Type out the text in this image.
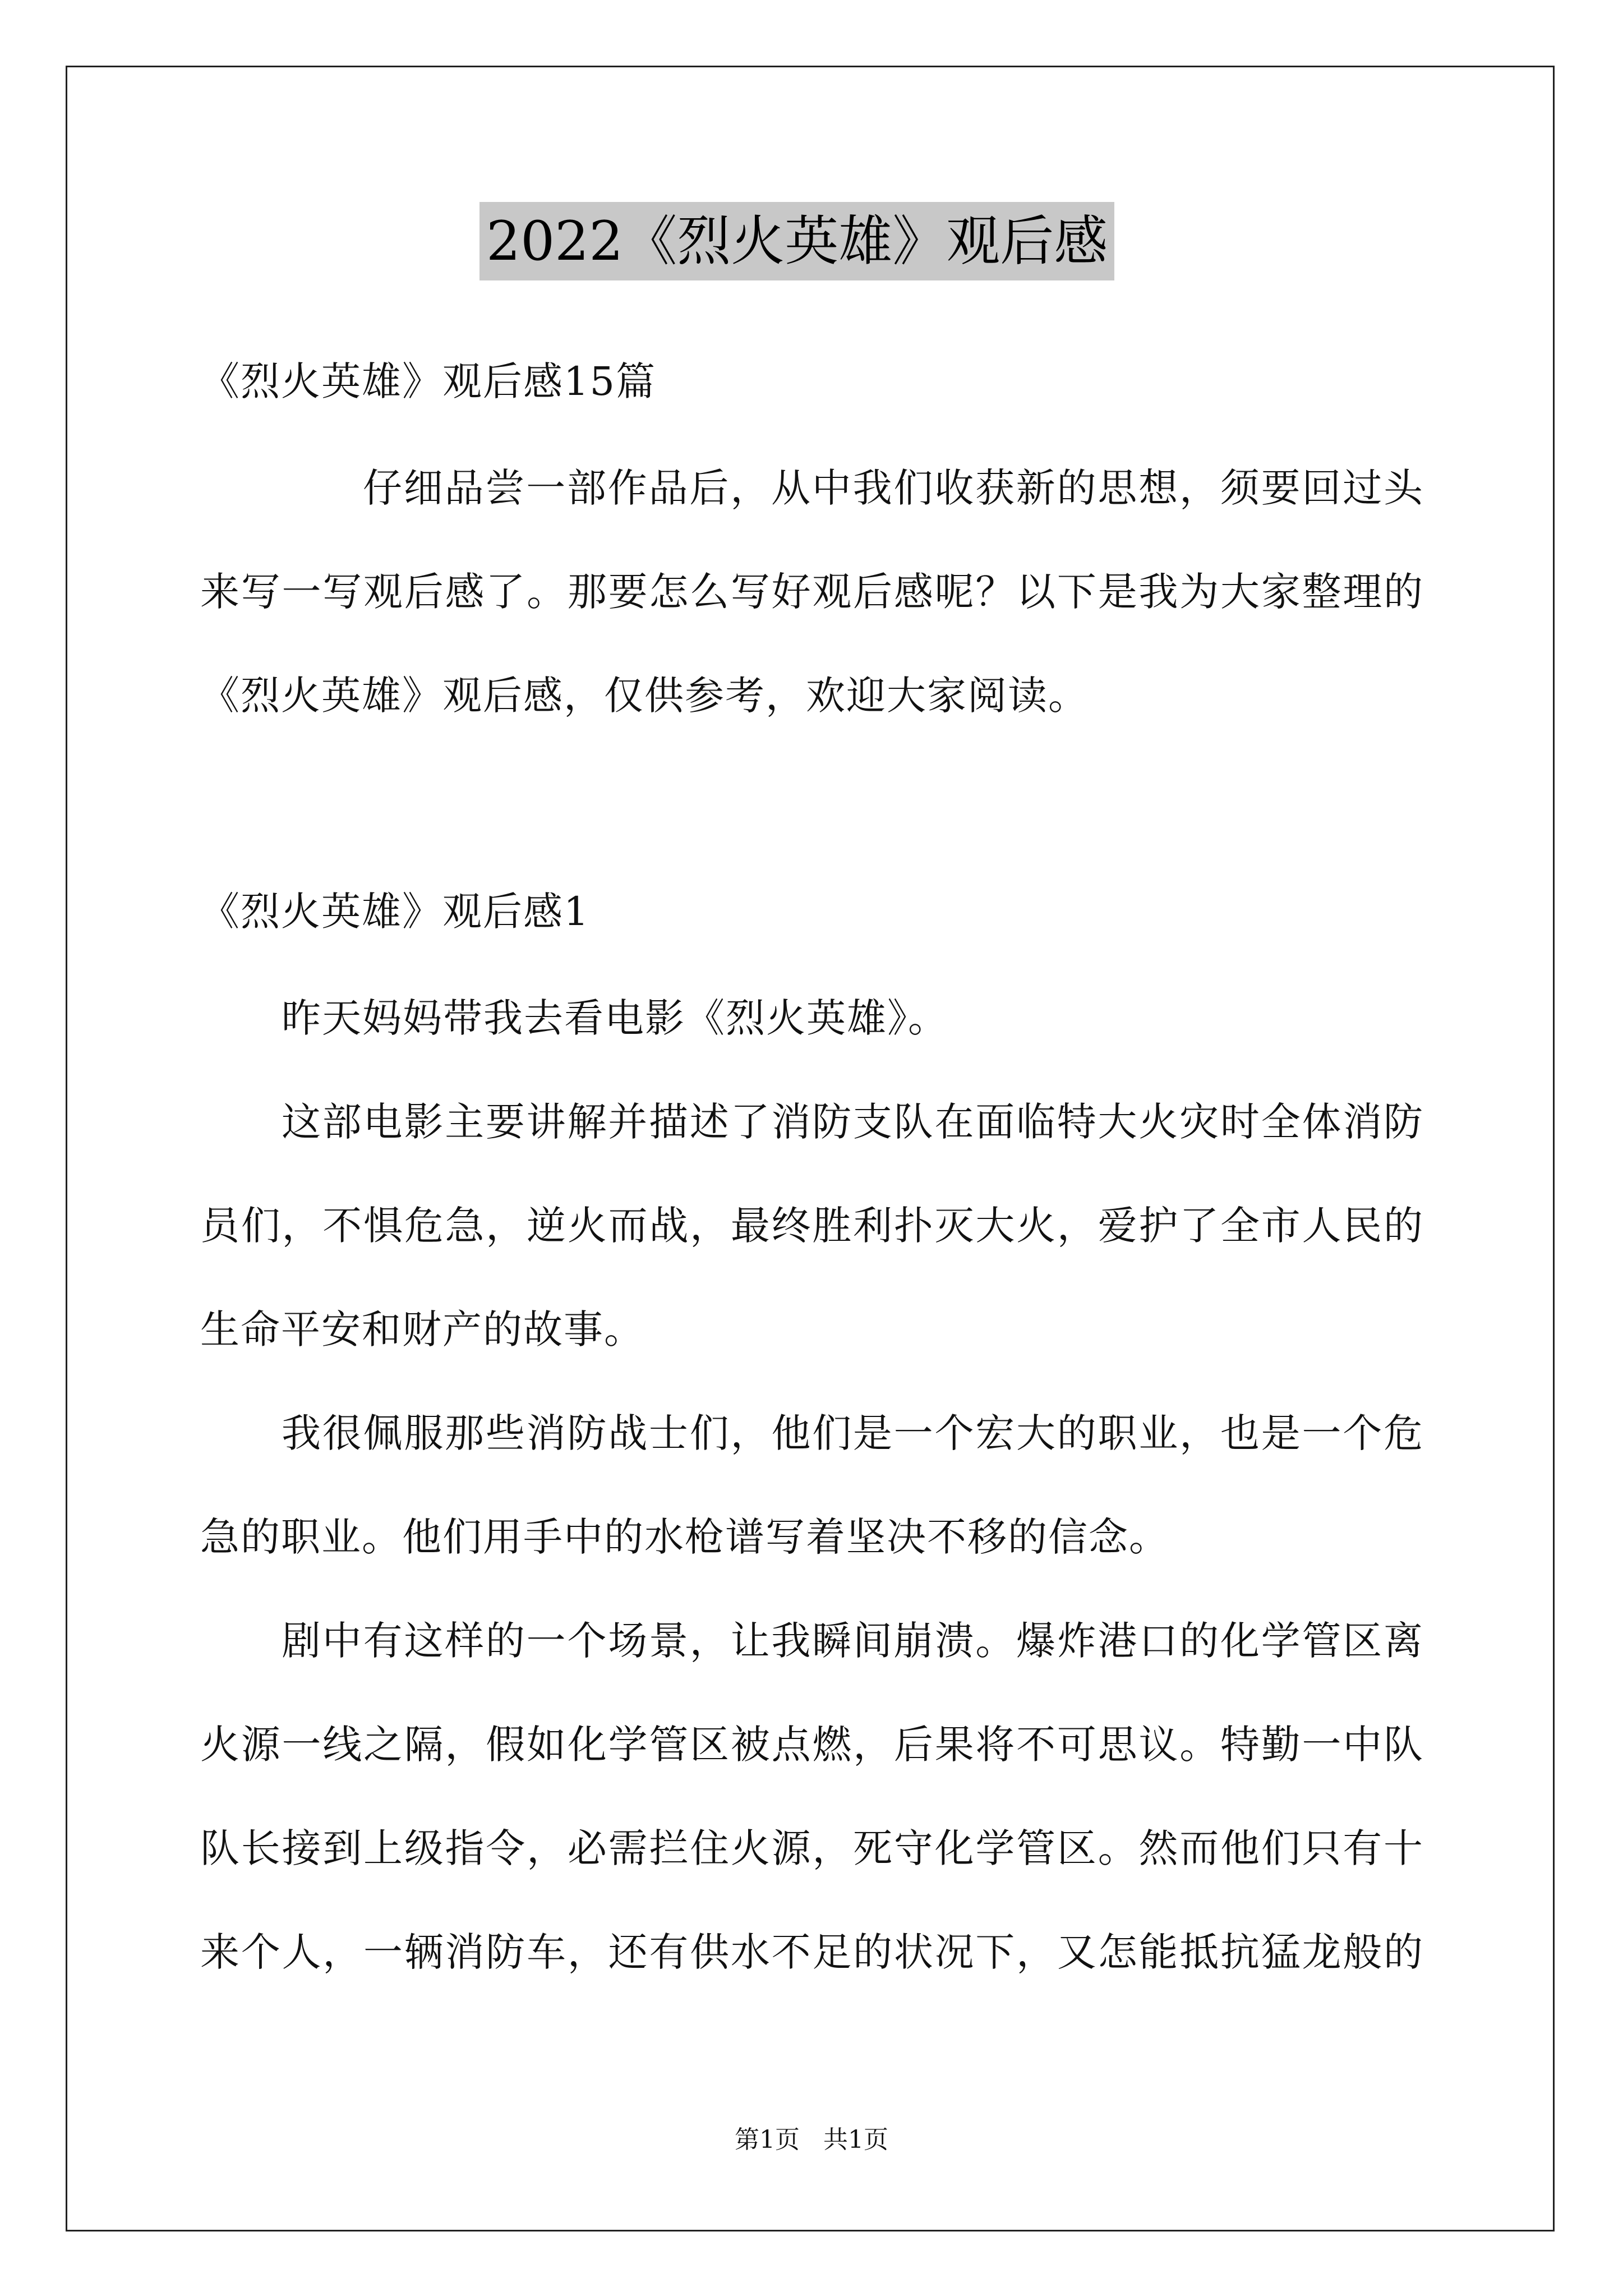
2022《烈火英雄》观后感
《烈火英雄》观后感15篇
仔细品尝一部作品后，从中我们收获新的思想，须要回过头
来写一写观后感了。那要怎么写好观后感呢？以下是我为大家整理的
《烈火英雄》观后感，仅供参考，欢迎大家阅读。
《烈火英雄》观后感1
昨天妈妈带我去看电影《烈火英雄》。
这部电影主要讲解并描述了消防支队在面临特大火灾时全体消防
员们，不惧危急，逆火而战，最终胜利扑灭大火，爱护了全市人民的
生命平安和财产的故事。
我很佩服那些消防战士们，他们是一个宏大的职业，也是一个危
急的职业。他们用手中的水枪谱写着坚决不移的信念。
剧中有这样的一个场景，让我瞬间崩溃。爆炸港口的化学管区离
火源一线之隔，假如化学管区被点燃，后果将不可思议。特勤一中队
队长接到上级指令，必需拦住火源，死守化学管区。然而他们只有十
来个人，一辆消防车，还有供水不足的状况下，又怎能抵抗猛龙般的
第1页   共1页
